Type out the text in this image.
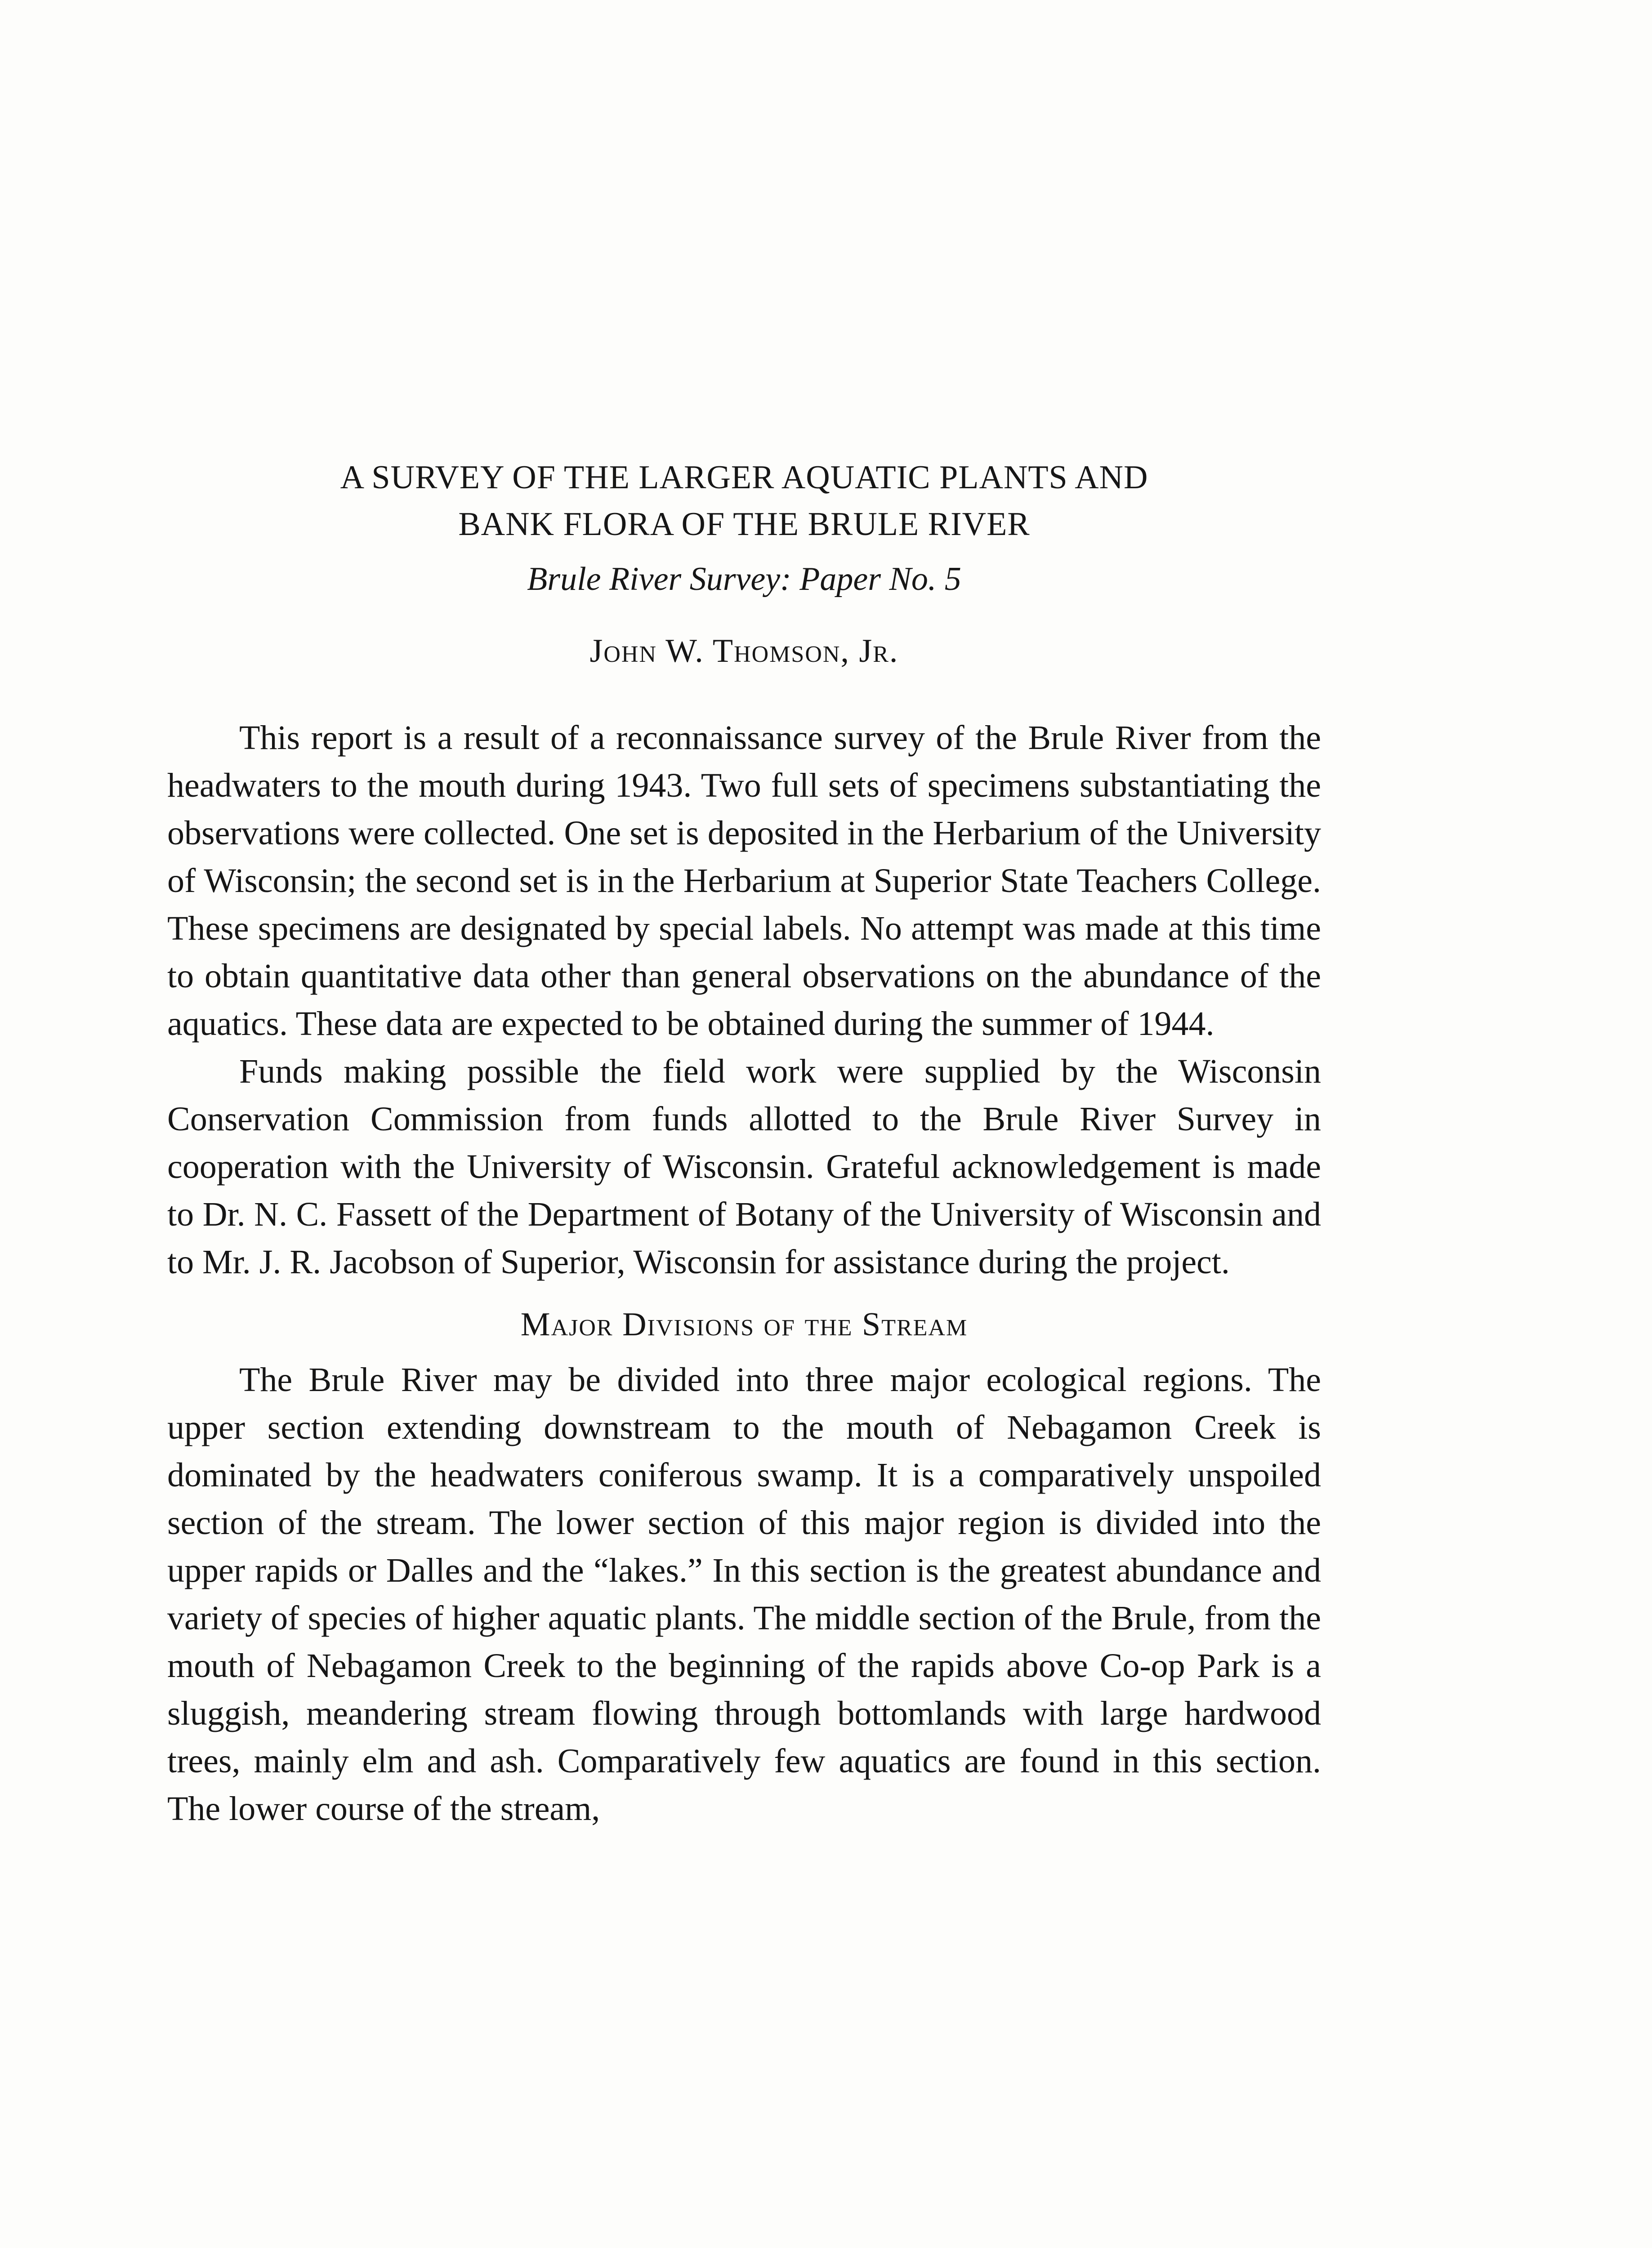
A SURVEY OF THE LARGER AQUATIC PLANTS AND
BANK FLORA OF THE BRULE RIVER
Brule River Survey: Paper No. 5
John W. Thomson, Jr.

This report is a result of a reconnaissance survey of the Brule River from the headwaters to the mouth during 1943. Two full sets of specimens substantiating the observations were collected. One set is deposited in the Herbarium of the University of Wisconsin; the second set is in the Herbarium at Superior State Teachers College. These specimens are designated by special labels. No attempt was made at this time to obtain quantitative data other than general observations on the abundance of the aquatics. These data are expected to be obtained during the summer of 1944.

Funds making possible the field work were supplied by the Wisconsin Conservation Commission from funds allotted to the Brule River Survey in cooperation with the University of Wisconsin. Grateful acknowledgement is made to Dr. N. C. Fassett of the Department of Botany of the University of Wisconsin and to Mr. J. R. Jacobson of Superior, Wisconsin for assistance during the project.

Major Divisions of the Stream

The Brule River may be divided into three major ecological regions. The upper section extending downstream to the mouth of Nebagamon Creek is dominated by the headwaters coniferous swamp. It is a comparatively unspoiled section of the stream. The lower section of this major region is divided into the upper rapids or Dalles and the “lakes.” In this section is the greatest abundance and variety of species of higher aquatic plants. The middle section of the Brule, from the mouth of Nebagamon Creek to the beginning of the rapids above Co-op Park is a sluggish, meandering stream flowing through bottomlands with large hardwood trees, mainly elm and ash. Comparatively few aquatics are found in this section. The lower course of the stream,
